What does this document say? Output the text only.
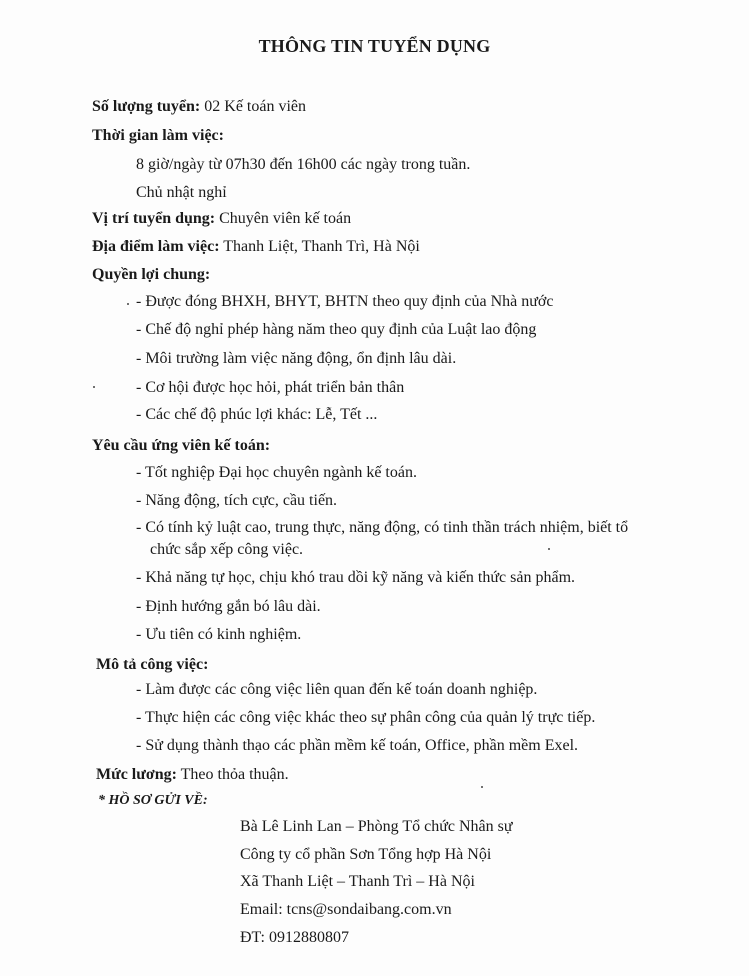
THÔNG TIN TUYỂN DỤNG
Số lượng tuyển: 02 Kế toán viên
Thời gian làm việc:
8 giờ/ngày từ 07h30 đến 16h00 các ngày trong tuần.
Chủ nhật nghỉ
Vị trí tuyển dụng: Chuyên viên kế toán
Địa điểm làm việc: Thanh Liệt, Thanh Trì, Hà Nội
Quyền lợi chung:
- Được đóng BHXH, BHYT, BHTN theo quy định của Nhà nước
- Chế độ nghỉ phép hàng năm theo quy định của Luật lao động
- Môi trường làm việc năng động, ổn định lâu dài.
- Cơ hội được học hỏi, phát triển bản thân
- Các chế độ phúc lợi khác: Lễ, Tết ...
Yêu cầu ứng viên kế toán:
- Tốt nghiệp Đại học chuyên ngành kế toán.
- Năng động, tích cực, cầu tiến.
- Có tính kỷ luật cao, trung thực, năng động, có tinh thần trách nhiệm, biết tổ
chức sắp xếp công việc.
- Khả năng tự học, chịu khó trau dồi kỹ năng và kiến thức sản phẩm.
- Định hướng gắn bó lâu dài.
- Ưu tiên có kinh nghiệm.
Mô tả công việc:
- Làm được các công việc liên quan đến kế toán doanh nghiệp.
- Thực hiện các công việc khác theo sự phân công của quản lý trực tiếp.
- Sử dụng thành thạo các phần mềm kế toán, Office, phần mềm Exel.
Mức lương: Theo thỏa thuận.
* HỒ SƠ GỬI VỀ:
Bà Lê Linh Lan – Phòng Tổ chức Nhân sự
Công ty cổ phần Sơn Tổng hợp Hà Nội
Xã Thanh Liệt – Thanh Trì – Hà Nội
Email: tcns@sondaibang.com.vn
ĐT: 0912880807
